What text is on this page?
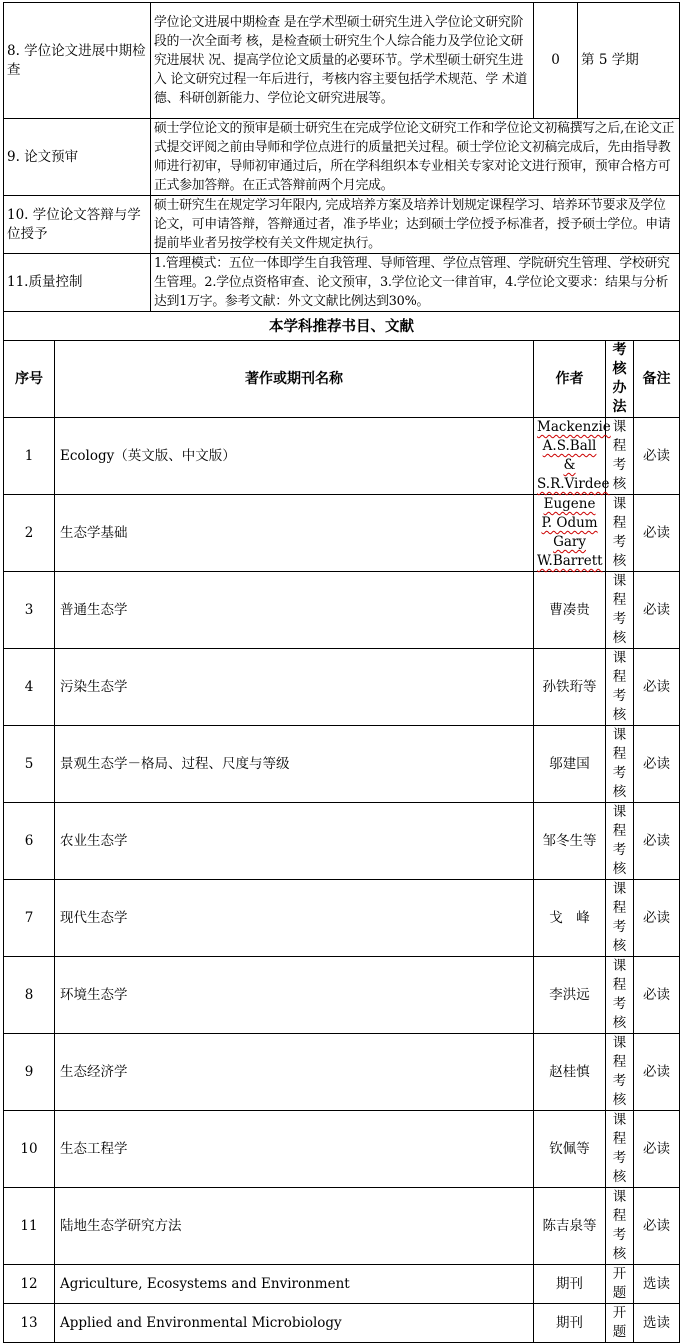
8. 学位论文进展中期检查		学位论文进展中期检查 是在学术型硕士研究生进入学位论文研究阶段的一次全面考 核，是检查硕士研究生个人综合能力及学位论文研究进展状 况、提高学位论文质量的必要环节。学术型硕士研究生进入 论文研究过程一年后进行，考核内容主要包括学术规范、学 术道德、科研创新能力、学位论文研究进展等。	0	第 5 学期		
9. 论文预审		硕士学位论文的预审是硕士研究生在完成学位论文研究工作和学位论文初稿撰写之后,在论文正式提交评阅之前由导师和学位点进行的质量把关过程。硕士学位论文初稿完成后，先由指导教师进行初审，导师初审通过后，所在学科组织本专业相关专家对论文进行预审，预审合格方可正式参加答辩。在正式答辩前两个月完成。				
10. 学位论文答辩与学位授予		硕士研究生在规定学习年限内, 完成培养方案及培养计划规定课程学习、培养环节要求及学位论文，可申请答辩，答辩通过者，准予毕业；达到硕士学位授予标准者，授予硕士学位。申请提前毕业者另按学校有关文件规定执行。				
11.质量控制		1.管理模式：五位一体即学生自我管理、导师管理、学位点管理、学院研究生管理、学校研究生管理。2.学位点资格审查、论文预审，3.学位论文一律首审，4.学位论文要求：结果与分析达到1万字。参考文献：外文文献比例达到30%。				
本学科推荐书目、文献						
序号	著作或期刊名称		作者		考核办法	备注
1	Ecology（英文版、中文版）		Mackenzie A.S.Ball & S.R.Virdee		课程考核	必读
2	生态学基础		Eugene P. Odum Gary W.Barrett		课程考核	必读
3	普通生态学		曹凑贵		课程考核	必读
4	污染生态学		孙铁珩等		课程考核	必读
5	景观生态学－格局、过程、尺度与等级		邬建国		课程考核	必读
6	农业生态学		邹冬生等		课程考核	必读
7	现代生态学		戈　峰		课程考核	必读
8	环境生态学		李洪远		课程考核	必读
9	生态经济学		赵桂慎		课程考核	必读
10	生态工程学		钦佩等		课程考核	必读
11	陆地生态学研究方法		陈吉泉等		课程考核	必读
12	Agriculture, Ecosystems and Environment		期刊		开题	选读
13	Applied and Environmental Microbiology		期刊		开题	选读
